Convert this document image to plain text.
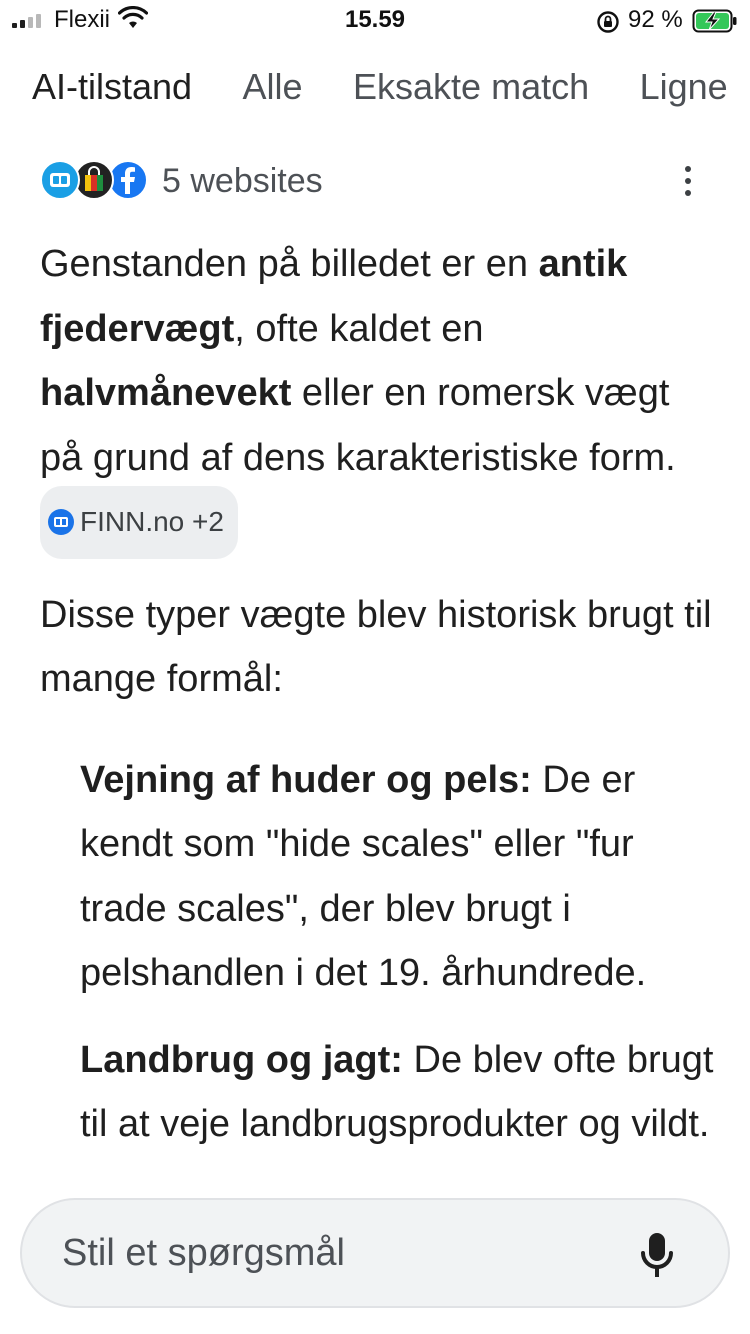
Flexii	15.59	92 %
AI-tilstand Alle Eksakte match Ligne
5 websites

Genstanden på billedet er en antik fjedervægt, ofte kaldet en halvmånevekt eller en romersk vægt på grund af dens karakteristiske form.
FINN.no +2

Disse typer vægte blev historisk brugt til mange formål:

Vejning af huder og pels: De er kendt som "hide scales" eller "fur trade scales", der blev brugt i pelshandlen i det 19. århundrede.
Landbrug og jagt: De blev ofte brugt til at veje landbrugsprodukter og vildt.
Stil et spørgsmål
